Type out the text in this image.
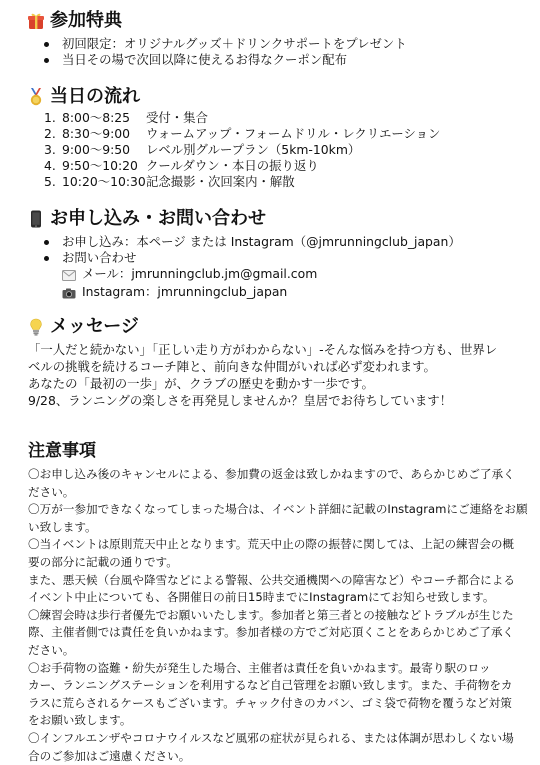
参加特典
初回限定：オリジナルグッズ＋ドリンクサポートをプレゼント
当日その場で次回以降に使えるお得なクーポン配布
当日の流れ
1. 8:00〜8:25 受付・集合
2. 8:30〜9:00 ウォームアップ・フォームドリル・レクリエーション
3. 9:00〜9:50 レベル別グループラン（5km-10km）
4. 9:50〜10:20 クールダウン・本日の振り返り
5. 10:20〜10:30 記念撮影・次回案内・解散
お申し込み・お問い合わせ
お申し込み：本ページ または Instagram（@jmrunningclub_japan）
お問い合わせ
メール：jmrunningclub.jm@gmail.com
Instagram：jmrunningclub_japan
メッセージ
「一人だと続かない」「正しい走り方がわからない」-そんな悩みを持つ方も、世界レ
ベルの挑戦を続けるコーチ陣と、前向きな仲間がいれば必ず変われます。
あなたの「最初の一歩」が、クラブの歴史を動かす一歩です。
9/28、ランニングの楽しさを再発見しませんか？皇居でお待ちしています！
注意事項
〇お申し込み後のキャンセルによる、参加費の返金は致しかねますので、あらかじめご了承く
ださい。
〇万が一参加できなくなってしまった場合は、イベント詳細に記載のInstagramにご連絡をお願
い致します。
〇当イベントは原則荒天中止となります。荒天中止の際の振替に関しては、上記の練習会の概
要の部分に記載の通りです。
また、悪天候（台風や降雪などによる警報、公共交通機関への障害など）やコーチ都合による
イベント中止についても、各開催日の前日15時までにInstagramにてお知らせ致します。
〇練習会時は歩行者優先でお願いいたします。参加者と第三者との接触などトラブルが生じた
際、主催者側では責任を負いかねます。参加者様の方でご対応頂くことをあらかじめご了承く
ださい。
〇お手荷物の盗難・紛失が発生した場合、主催者は責任を負いかねます。最寄り駅のロッ
カー、ランニングステーションを利用するなど自己管理をお願い致します。また、手荷物をカ
ラスに荒らされるケースもございます。チャック付きのカバン、ゴミ袋で荷物を覆うなど対策
をお願い致します。
〇インフルエンザやコロナウイルスなど風邪の症状が見られる、または体調が思わしくない場
合のご参加はご遠慮ください。
